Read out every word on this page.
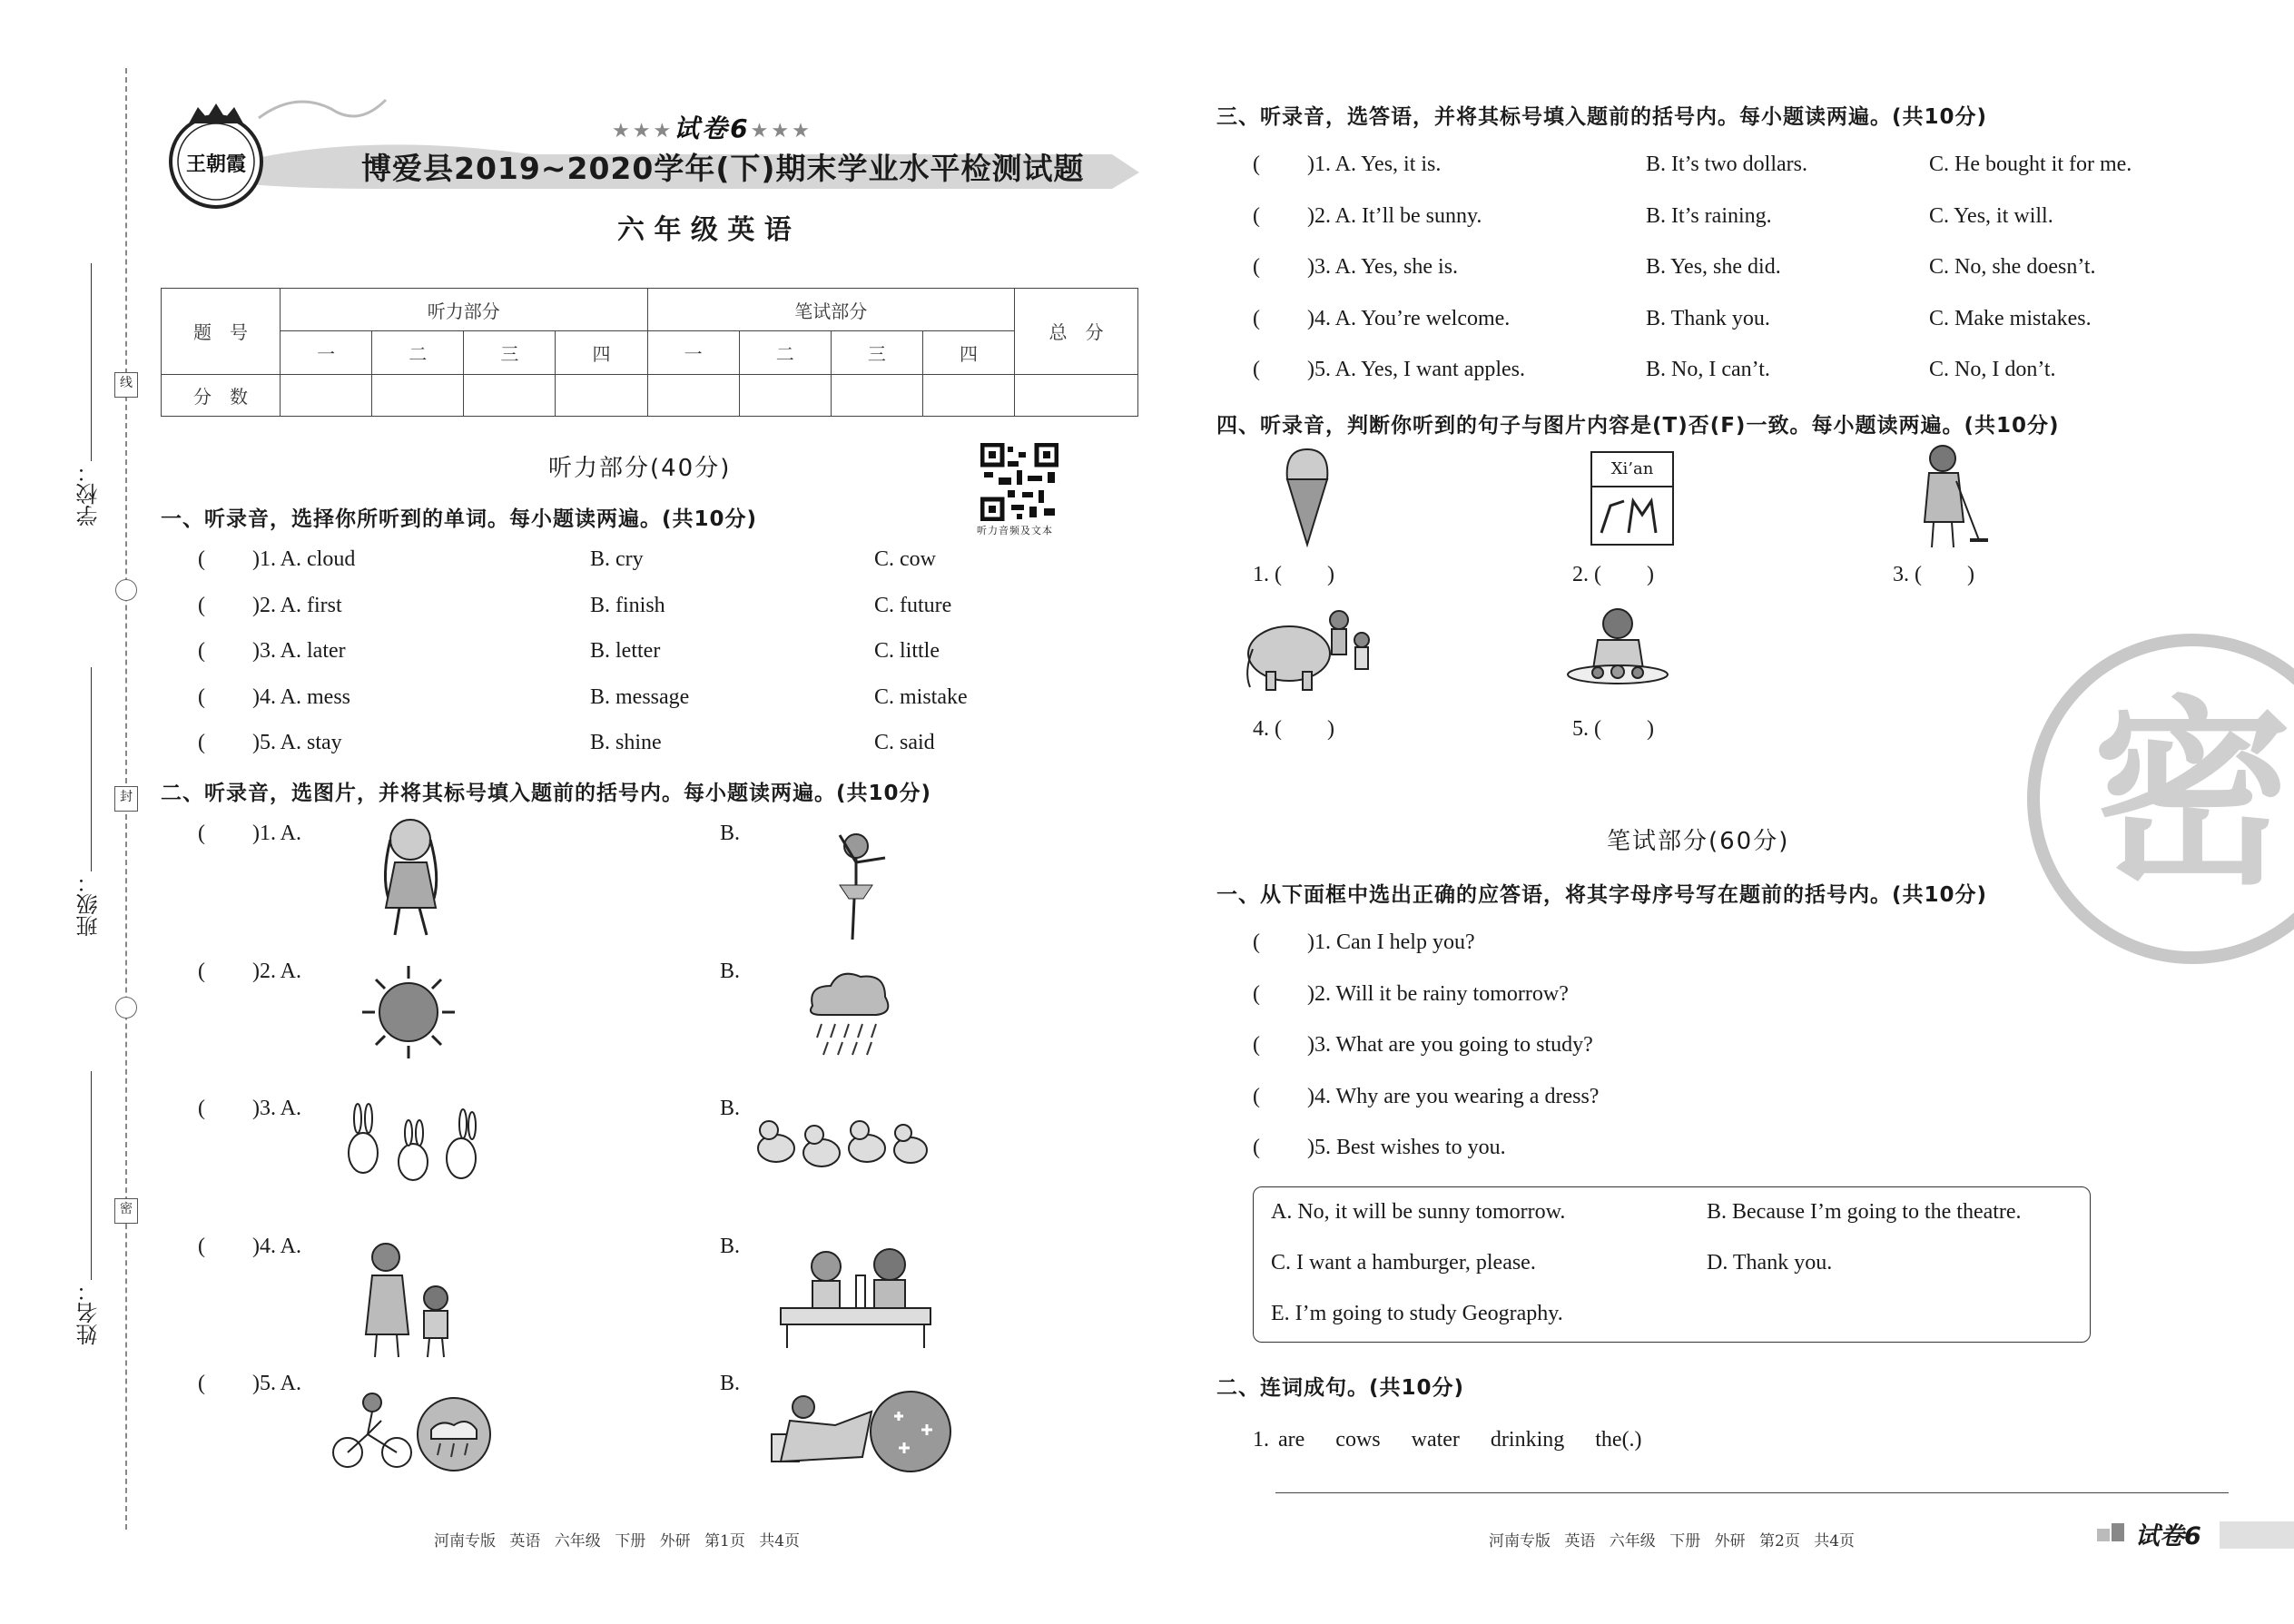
学校：
班级：
姓名：
线
封
密
王朝霞
★★★试卷6★★★
博爱县2019~2020学年(下)期末学业水平检测试题
六 年 级 英 语
题　号	听力部分				笔试部分				总　分
	一	二	三	四	一	二	三	四	
分　数									
听力部分(40分)
听力音频及文本
一、听录音，选择你所听到的单词。每小题读两遍。(共10分)
二、听录音，选图片，并将其标号填入题前的括号内。每小题读两遍。(共10分)
三、听录音，选答语，并将其标号填入题前的括号内。每小题读两遍。(共10分)
四、听录音，判断你听到的句子与图片内容是(T)否(F)一致。每小题读两遍。(共10分)
Xi’an
笔试部分(60分)
一、从下面框中选出正确的应答语，将其字母序号写在题前的括号内。(共10分)
A. No, it will be sunny tomorrow.	B. Because I’m going to the theatre.
C. I want a hamburger, please.	D. Thank you.
E. I’m going to study Geography.
二、连词成句。(共10分)
1. are　 cows　 water　 drinking　 the(.)
密
河南专版 英语 六年级 下册 外研 第1页 共4页	河南专版 英语 六年级 下册 外研 第2页 共4页	试卷6
( )1. A. cloud	B. cry	C. cow
( )2. A. first	B. finish	C. future
( )3. A. later	B. letter	C. little
( )4. A. mess	B. message	C. mistake
( )5. A. stay	B. shine	C. said
( )1. A.	B.
( )2. A.	B.
( )3. A.	B.
( )4. A.	B.
( )5. A.	B.
( )1. A. Yes, it is.	B. It’s two dollars.	C. He bought it for me.
( )2. A. It’ll be sunny.	B. It’s raining.	C. Yes, it will.
( )3. A. Yes, she is.	B. Yes, she did.	C. No, she doesn’t.
( )4. A. You’re welcome.	B. Thank you.	C. Make mistakes.
( )5. A. Yes, I want apples.	B. No, I can’t.	C. No, I don’t.
1. ( )	2. ( )	3. ( )
4. ( )	5. ( )
( )1. Can I help you?
( )2. Will it be rainy tomorrow?
( )3. What are you going to study?
( )4. Why are you wearing a dress?
( )5. Best wishes to you.
